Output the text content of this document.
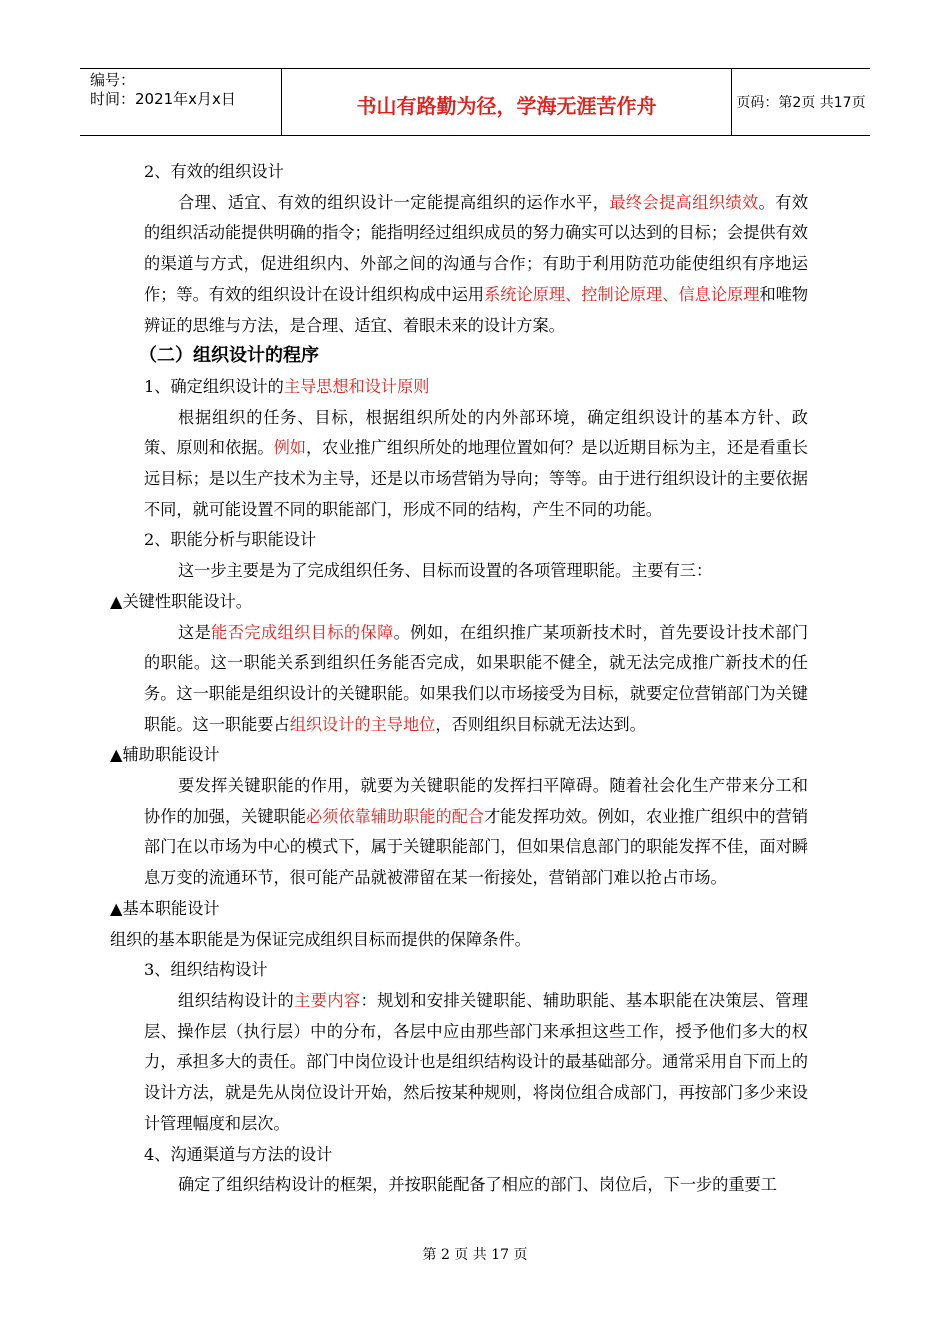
编号：
时间：2021年x月x日	书山有路勤为径，学海无涯苦作舟	页码：第2页 共17页

2、有效的组织设计

合理、适宜、有效的组织设计一定能提高组织的运作水平，最终会提高组织绩效。有效的组织活动能提供明确的指令；能指明经过组织成员的努力确实可以达到的目标；会提供有效的渠道与方式，促进组织内、外部之间的沟通与合作；有助于利用防范功能使组织有序地运作；等。有效的组织设计在设计组织构成中运用系统论原理、控制论原理、信息论原理和唯物辨证的思维与方法，是合理、适宜、着眼未来的设计方案。

（二）组织设计的程序

1、确定组织设计的主导思想和设计原则

根据组织的任务、目标，根据组织所处的内外部环境，确定组织设计的基本方针、政策、原则和依据。例如，农业推广组织所处的地理位置如何？是以近期目标为主，还是看重长远目标；是以生产技术为主导，还是以市场营销为导向；等等。由于进行组织设计的主要依据不同，就可能设置不同的职能部门，形成不同的结构，产生不同的功能。

2、职能分析与职能设计

这一步主要是为了完成组织任务、目标而设置的各项管理职能。主要有三：

▲关键性职能设计。

这是能否完成组织目标的保障。例如，在组织推广某项新技术时，首先要设计技术部门的职能。这一职能关系到组织任务能否完成，如果职能不健全，就无法完成推广新技术的任务。这一职能是组织设计的关键职能。如果我们以市场接受为目标，就要定位营销部门为关键职能。这一职能要占组织设计的主导地位，否则组织目标就无法达到。

▲辅助职能设计

要发挥关键职能的作用，就要为关键职能的发挥扫平障碍。随着社会化生产带来分工和协作的加强，关键职能必须依靠辅助职能的配合才能发挥功效。例如，农业推广组织中的营销部门在以市场为中心的模式下，属于关键职能部门，但如果信息部门的职能发挥不佳，面对瞬息万变的流通环节，很可能产品就被滞留在某一衔接处，营销部门难以抢占市场。

▲基本职能设计

组织的基本职能是为保证完成组织目标而提供的保障条件。

3、组织结构设计

组织结构设计的主要内容：规划和安排关键职能、辅助职能、基本职能在决策层、管理层、操作层（执行层）中的分布，各层中应由那些部门来承担这些工作，授予他们多大的权力，承担多大的责任。部门中岗位设计也是组织结构设计的最基础部分。通常采用自下而上的设计方法，就是先从岗位设计开始，然后按某种规则，将岗位组合成部门，再按部门多少来设计管理幅度和层次。

4、沟通渠道与方法的设计

确定了组织结构设计的框架，并按职能配备了相应的部门、岗位后，下一步的重要工

第 2 页 共 17 页
